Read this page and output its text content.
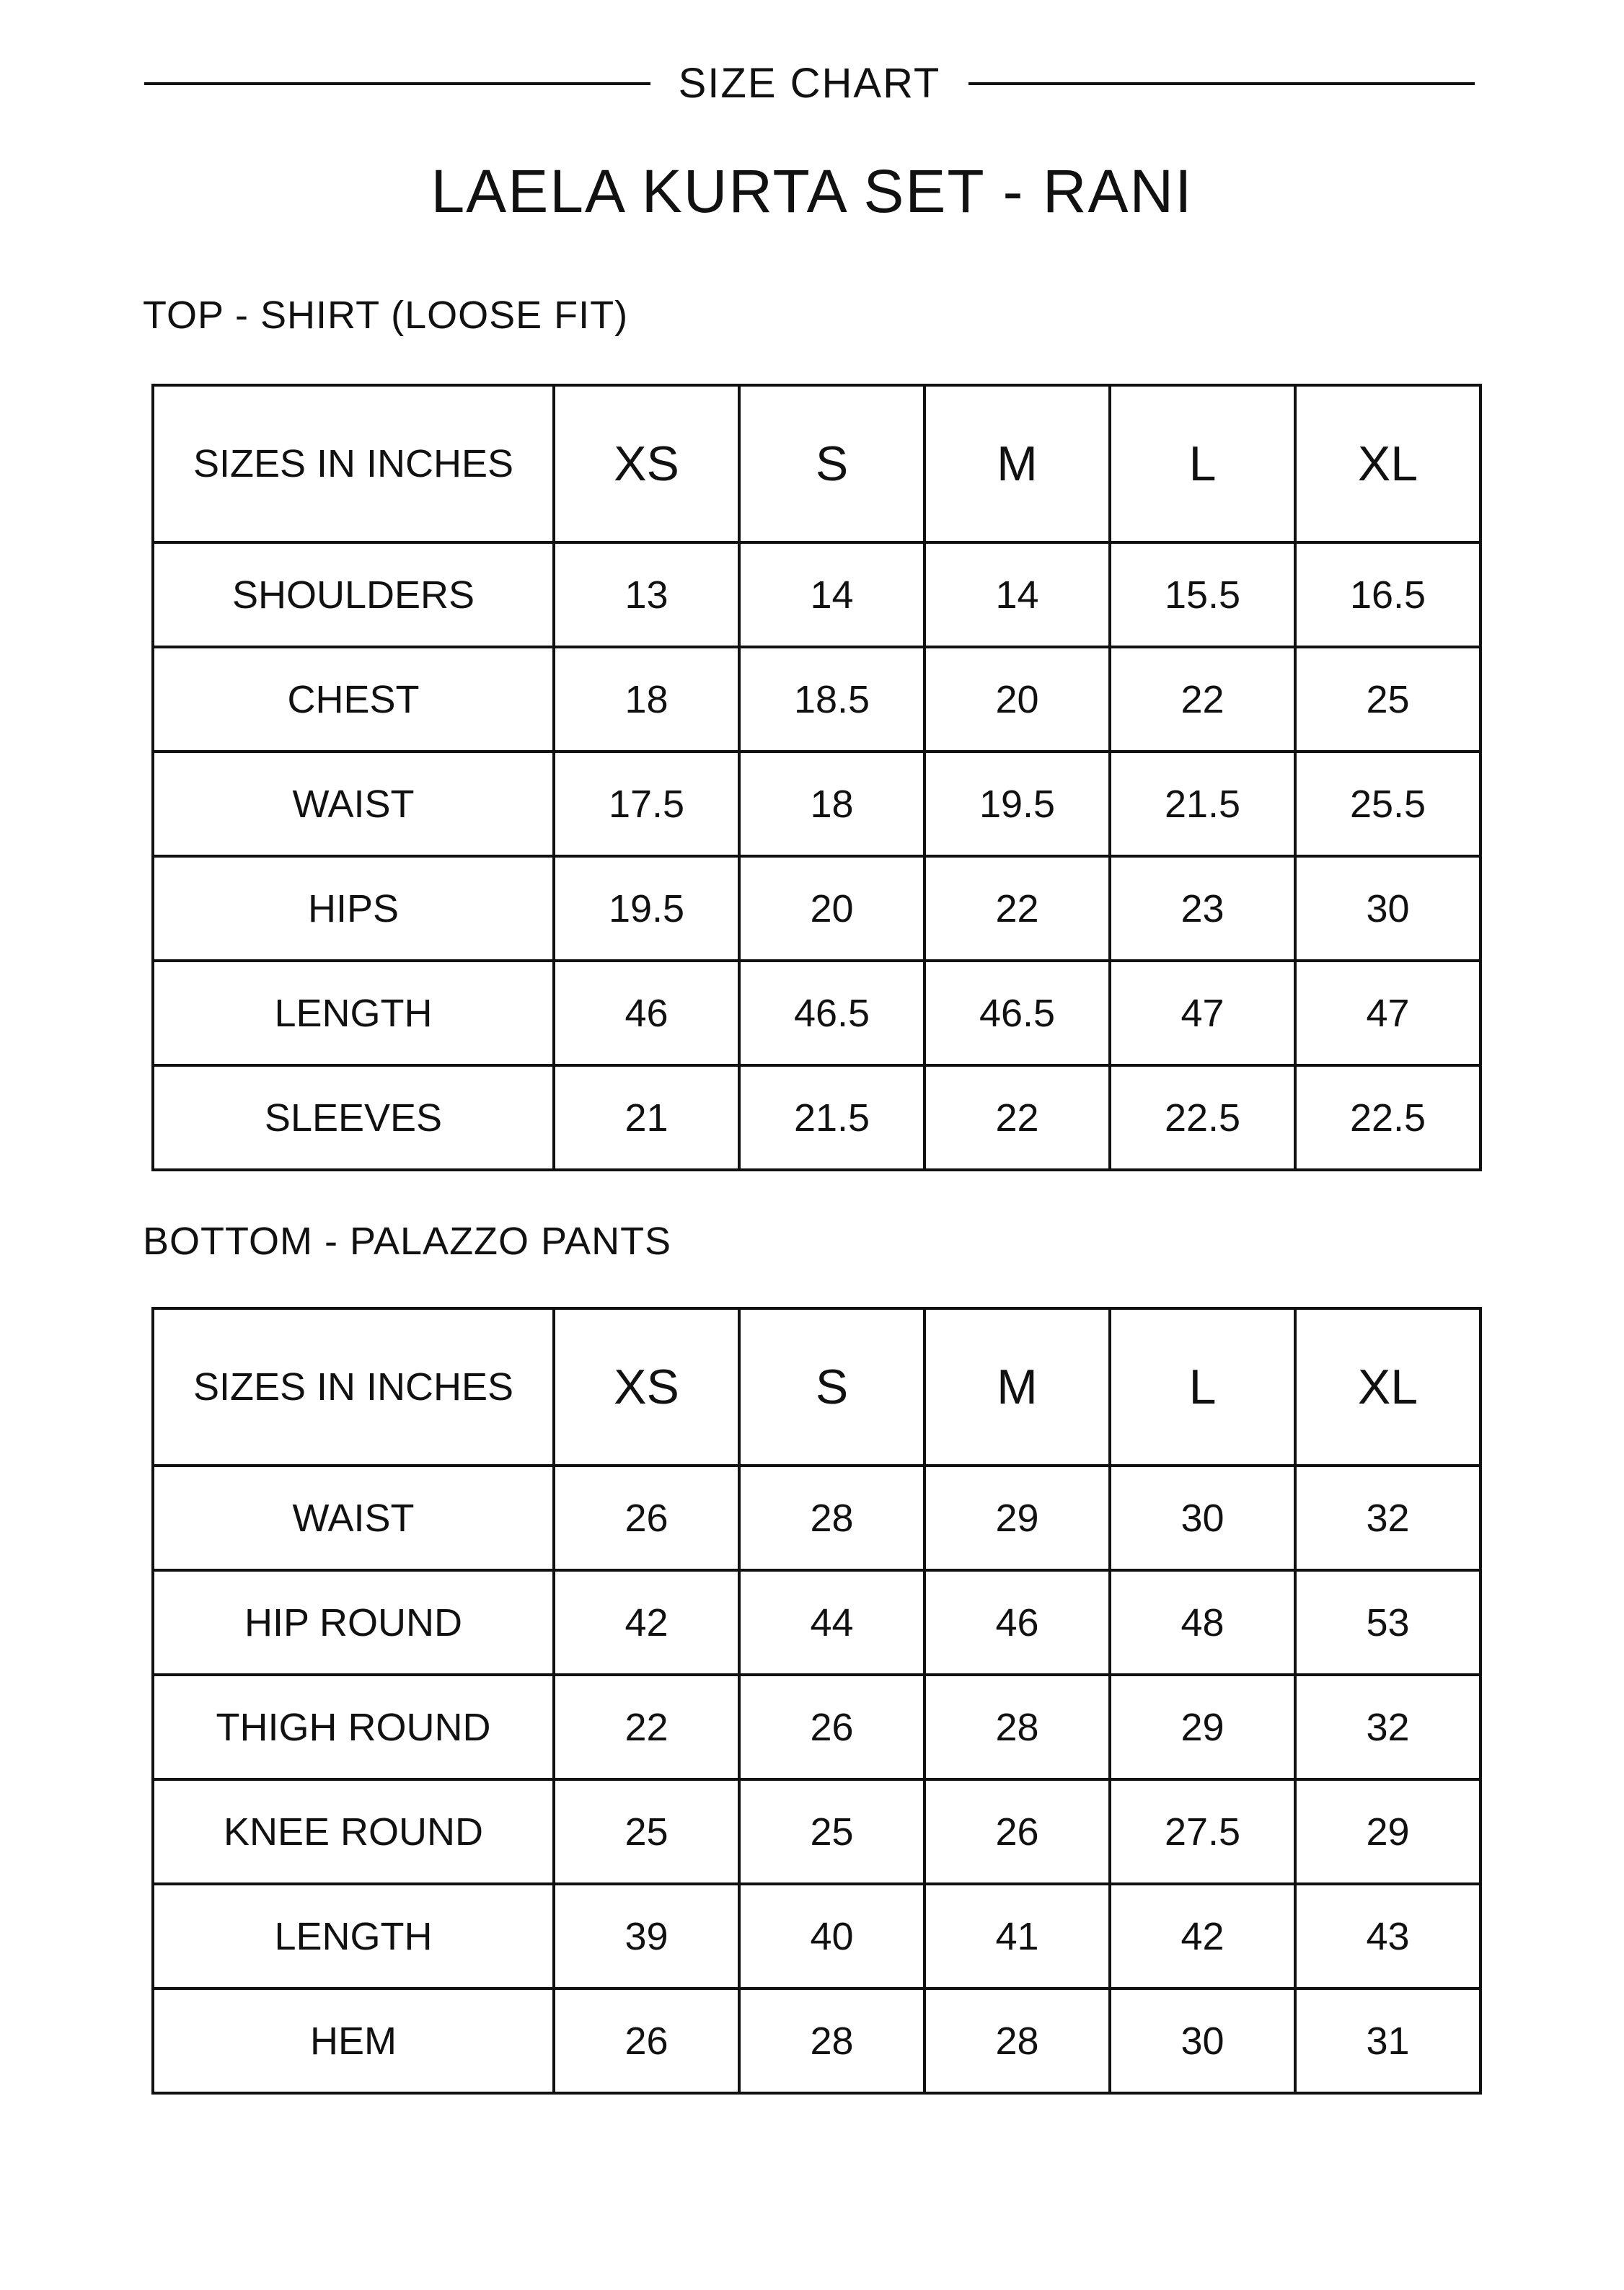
SIZE CHART
LAELA KURTA SET - RANI
TOP - SHIRT (LOOSE FIT)
SIZES IN INCHES	XS	S	M	L	XL
SHOULDERS	13	14	14	15.5	16.5
CHEST	18	18.5	20	22	25
WAIST	17.5	18	19.5	21.5	25.5
HIPS	19.5	20	22	23	30
LENGTH	46	46.5	46.5	47	47
SLEEVES	21	21.5	22	22.5	22.5
BOTTOM - PALAZZO PANTS
SIZES IN INCHES	XS	S	M	L	XL
WAIST	26	28	29	30	32
HIP ROUND	42	44	46	48	53
THIGH ROUND	22	26	28	29	32
KNEE ROUND	25	25	26	27.5	29
LENGTH	39	40	41	42	43
HEM	26	28	28	30	31
